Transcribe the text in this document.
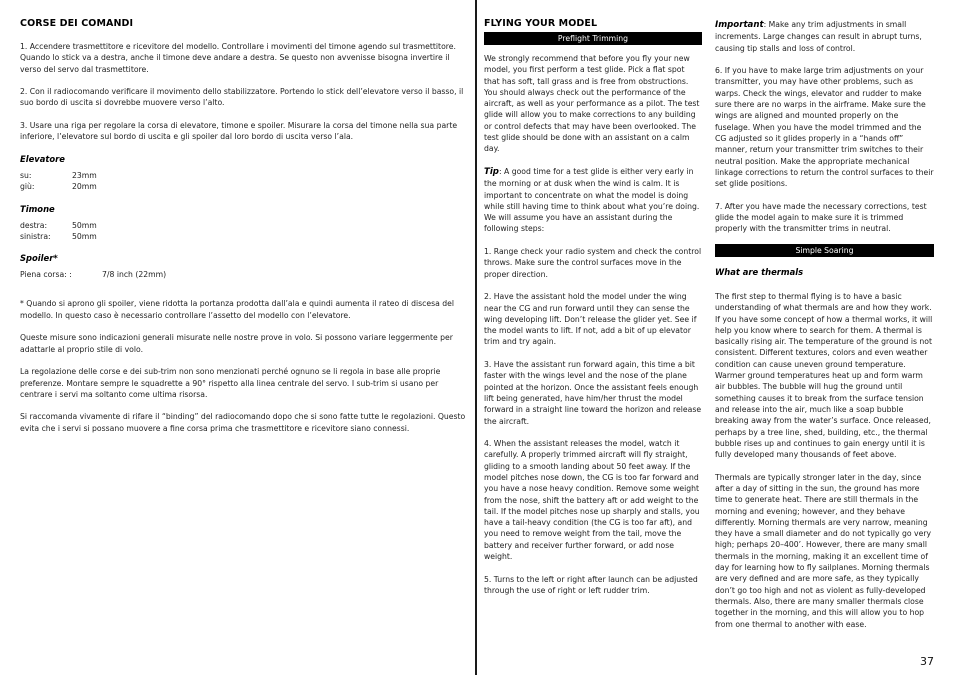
CORSE DEI COMANDI

1. Accendere trasmettitore e ricevitore del modello. Controllare i movimenti del timone agendo sul trasmettitore. Quando lo stick va a destra, anche il timone deve andare a destra. Se questo non avvenisse bisogna invertire il verso del servo dal trasmettitore.

2. Con il radiocomando verificare il movimento dello stabilizzatore. Portendo lo stick dell’elevatore verso il basso, il suo bordo di uscita si dovrebbe muovere verso l’alto.

3. Usare una riga per regolare la corsa di elevatore, timone e spoiler. Misurare la corsa del timone nella sua parte inferiore, l’elevatore sul bordo di uscita e gli spoiler dal loro bordo di uscita verso l’ala.

Elevatore
su:	23mm
giù:	20mm
Timone
destra:	50mm
sinistra:	50mm
Spoiler*
Piena corsa: :	7/8 inch (22mm)

* Quando si aprono gli spoiler, viene ridotta la portanza prodotta dall’ala e quindi aumenta il rateo di discesa del modello. In questo caso è necessario controllare l’assetto del modello con l’elevatore.

Queste misure sono indicazioni generali misurate nelle nostre prove in volo. Si possono variare leggermente per adattarle al proprio stile di volo.

La regolazione delle corse e dei sub-trim non sono menzionati perché ognuno se li regola in base alle proprie preferenze. Montare sempre le squadrette a 90° rispetto alla linea centrale del servo. I sub-trim si usano per centrare i servi ma soltanto come ultima risorsa.

Si raccomanda vivamente di rifare il “binding” del radiocomando dopo che si sono fatte tutte le regolazioni. Questo evita che i servi si possano muovere a fine corsa prima che trasmettitore e ricevitore siano connessi.

FLYING YOUR MODEL
Preflight Trimming

We strongly recommend that before you fly your new model, you first perform a test glide. Pick a flat spot that has soft, tall grass and is free from obstructions. You should always check out the performance of the aircraft, as well as your performance as a pilot. The test glide will allow you to make corrections to any building or control defects that may have been overlooked. The test glide should be done with an assistant on a calm day.

Tip: A good time for a test glide is either very early in the morning or at dusk when the wind is calm. It is important to concentrate on what the model is doing while still having time to think about what you’re doing. We will assume you have an assistant during the following steps:

1. Range check your radio system and check the control throws. Make sure the control surfaces move in the proper direction.

2. Have the assistant hold the model under the wing near the CG and run forward until they can sense the wing developing lift. Don’t release the glider yet. See if the model wants to lift. If not, add a bit of up elevator trim and try again.

3. Have the assistant run forward again, this time a bit faster with the wings level and the nose of the plane pointed at the horizon. Once the assistant feels enough lift being generated, have him/her thrust the model forward in a straight line toward the horizon and release the aircraft.

4. When the assistant releases the model, watch it carefully. A properly trimmed aircraft will fly straight, gliding to a smooth landing about 50 feet away. If the model pitches nose down, the CG is too far forward and you have a nose heavy condition. Remove some weight from the nose, shift the battery aft or add weight to the tail. If the model pitches nose up sharply and stalls, you have a tail-heavy condition (the CG is too far aft), and you need to remove weight from the tail, move the battery and receiver further forward, or add nose weight.

5. Turns to the left or right after launch can be adjusted through the use of right or left rudder trim.

Important: Make any trim adjustments in small increments. Large changes can result in abrupt turns, causing tip stalls and loss of control.

6. If you have to make large trim adjustments on your transmitter, you may have other problems, such as warps. Check the wings, elevator and rudder to make sure there are no warps in the airframe. Make sure the wings are aligned and mounted properly on the fuselage. When you have the model trimmed and the CG adjusted so it glides properly in a “hands off” manner, return your transmitter trim switches to their neutral position. Make the appropriate mechanical linkage corrections to return the control surfaces to their set glide positions.

7. After you have made the necessary corrections, test glide the model again to make sure it is trimmed properly with the transmitter trims in neutral.

Simple Soaring
What are thermals

The first step to thermal flying is to have a basic understanding of what thermals are and how they work. If you have some concept of how a thermal works, it will help you know where to search for them. A thermal is basically rising air. The temperature of the ground is not consistent. Different textures, colors and even weather condition can cause uneven ground temperature. Warmer ground temperatures heat up and form warm air bubbles. The bubble will hug the ground until something causes it to break from the surface tension and release into the air, much like a soap bubble breaking away from the water’s surface. Once released, perhaps by a tree line, shed, building, etc., the thermal bubble rises up and continues to gain energy until it is fully developed many thousands of feet above.

Thermals are typically stronger later in the day, since after a day of sitting in the sun, the ground has more time to generate heat. There are still thermals in the morning and evening; however, and they behave differently. Morning thermals are very narrow, meaning they have a small diameter and do not typically go very high; perhaps 20–400’. However, there are many small thermals in the morning, making it an excellent time of day for learning how to fly sailplanes. Morning thermals are very defined and are more safe, as they typically don’t go too high and not as violent as fully-developed thermals. Also, there are many smaller thermals close together in the morning, and this will allow you to hop from one thermal to another with ease.

37
